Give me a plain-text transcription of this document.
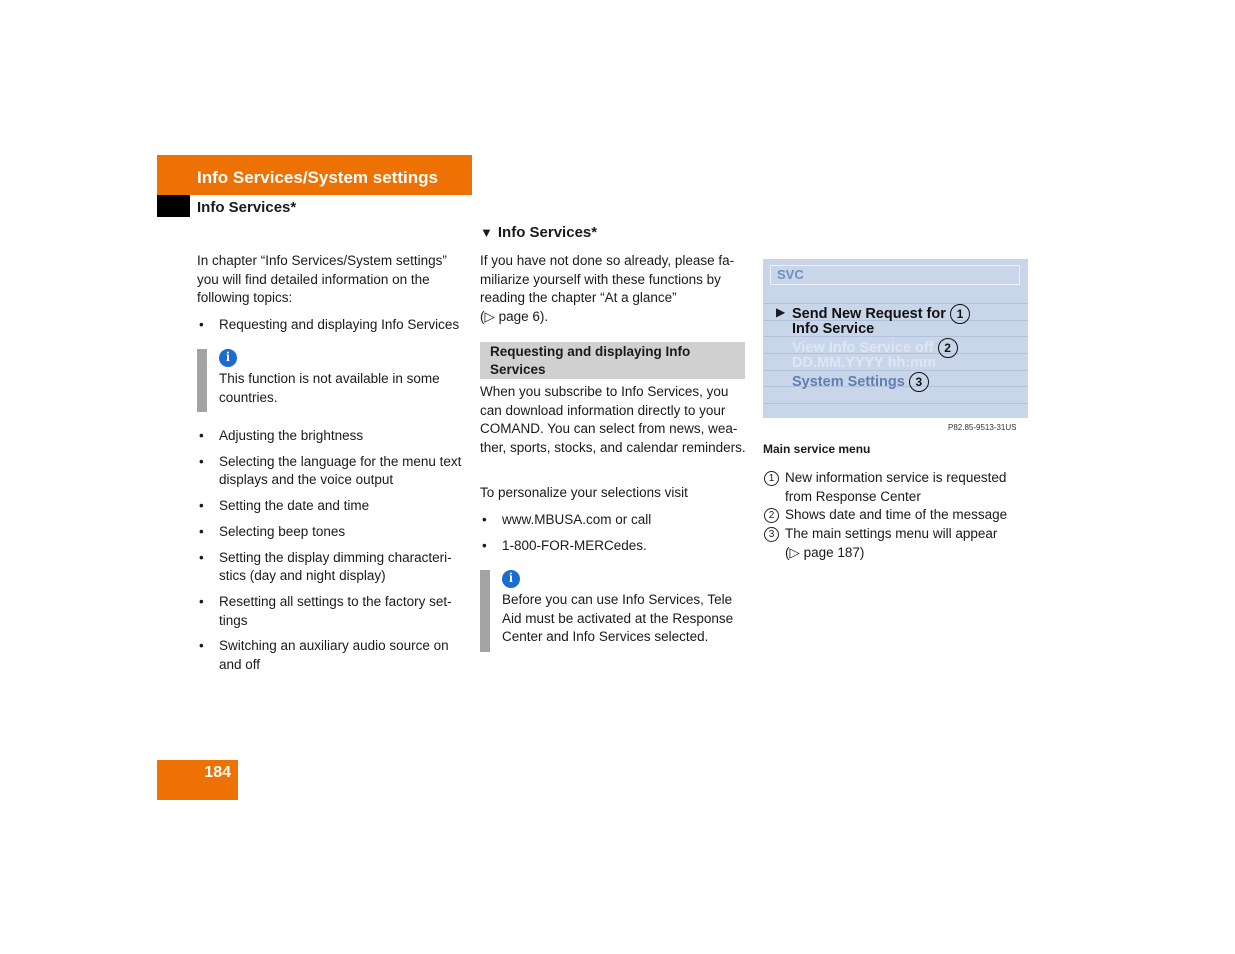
Info Services/System settings
Info Services*
In chapter “Info Services/System settings” you will find detailed information on the following topics:
• Requesting and displaying Info Services
i
This function is not available in some countries.
• Adjusting the brightness
• Selecting the language for the menu text displays and the voice output
• Setting the date and time
• Selecting beep tones
• Setting the display dimming characteristics (day and night display)
• Resetting all settings to the factory settings
• Switching an auxiliary audio source on and off
▼ Info Services*
If you have not done so already, please familiarize yourself with these functions by reading the chapter “At a glance”
(▷ page 6).
Requesting and displaying Info Services
When you subscribe to Info Services, you can download information directly to your COMAND. You can select from news, weather, sports, stocks, and calendar reminders.
To personalize your selections visit
• www.MBUSA.com or call
• 1-800-FOR-MERCedes.
i
Before you can use Info Services, Tele Aid must be activated at the Response Center and Info Services selected.
SVC
▶ Send New Request for 1
Info Service
View Info Service off 2
DD.MM.YYYY hh:mm
System Settings 3
P82.85-9513-31US
Main service menu
1 New information service is requested from Response Center
2 Shows date and time of the message
3 The main settings menu will appear
(▷ page 187)
184
